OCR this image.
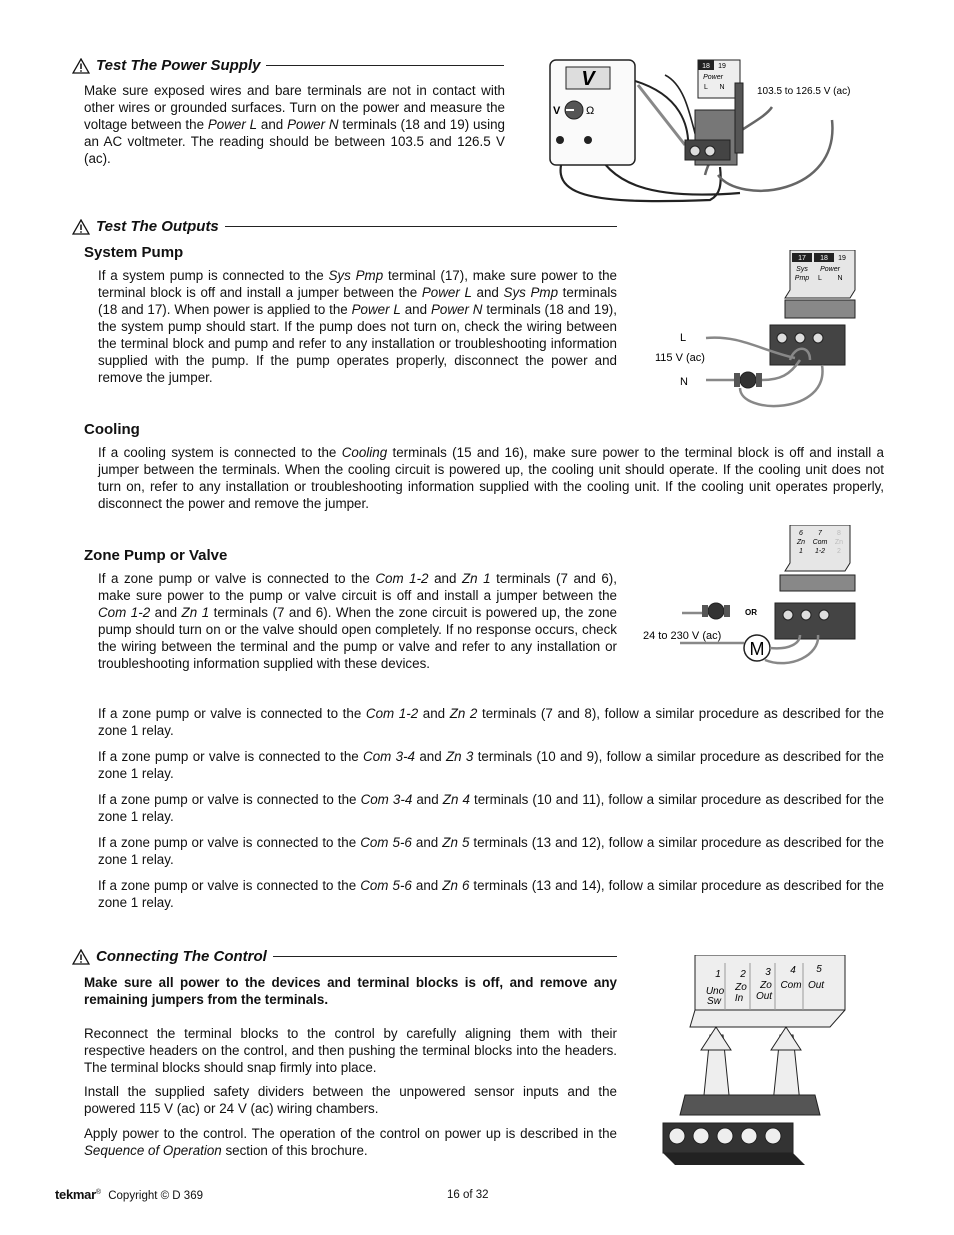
Test The Power Supply

Make sure exposed wires and bare terminals are not in contact with other wires or grounded surfaces. Turn on the power and measure the voltage between the Power L and Power N terminals (18 and 19) using an AC voltmeter. The reading should be between 103.5 and 126.5 V (ac).

V
V Ω
18 19
Power
L N	103.5 to 126.5 V (ac)
Test The Outputs
System Pump

If a system pump is connected to the Sys Pmp terminal (17), make sure power to the terminal block is off and install a jumper between the Power L and Sys Pmp terminals (18 and 17). When power is applied to the Power L and Power N terminals (18 and 19), the system pump should start. If the pump does not turn on, check the wiring between the terminal block and pump and refer to any installation or troubleshooting information supplied with the pump. If the pump operates properly, disconnect the power and remove the jumper.

17 18 19
Sys
Pmp
Power
L N
L
115 V (ac)
N
Cooling

If a cooling system is connected to the Cooling terminals (15 and 16), make sure power to the terminal block is off and install a jumper between the terminals. When the cooling circuit is powered up, the cooling unit should operate. If the cooling unit does not turn on, refer to any installation or troubleshooting information supplied with the cooling unit. If the cooling unit operates properly, disconnect the power and remove the jumper.

Zone Pump or Valve

If a zone pump or valve is connected to the Com 1-2 and Zn 1 terminals (7 and 6), make sure power to the pump or valve circuit is off and install a jumper between the Com 1-2 and Zn 1 terminals (7 and 6). When the zone circuit is powered up, the zone pump should turn on or the valve should open completely. If no response occurs, check the wiring between the terminal and the pump or valve and refer to any installation or troubleshooting information supplied with these devices.

6
Zn
1
7
Com
1-2
8
Zn
2
OR
M
24 to 230 V (ac)

If a zone pump or valve is connected to the Com 1-2 and Zn 2 terminals (7 and 8), follow a similar procedure as described for the zone 1 relay.

If a zone pump or valve is connected to the Com 3-4 and Zn 3 terminals (10 and 9), follow a similar procedure as described for the zone 1 relay.

If a zone pump or valve is connected to the Com 3-4 and Zn 4 terminals (10 and 11), follow a similar procedure as described for the zone 1 relay.

If a zone pump or valve is connected to the Com 5-6 and Zn 5 terminals (13 and 12), follow a similar procedure as described for the zone 1 relay.

If a zone pump or valve is connected to the Com 5-6 and Zn 6 terminals (13 and 14), follow a similar procedure as described for the zone 1 relay.

Connecting The Control

Make sure all power to the devices and terminal blocks is off, and remove any remaining jumpers from the terminals.

Reconnect the terminal blocks to the control by carefully aligning them with their respective headers on the control, and then pushing the terminal blocks into the headers. The terminal blocks should snap firmly into place.

Install the supplied safety dividers between the unpowered sensor inputs and the powered 115 V (ac) or 24 V (ac) wiring chambers.

Apply power to the control. The operation of the control on power up is described in the Sequence of Operation section of this brochure.

1
Uno
Sw
2
Zo
In
3
Zo
Out
4
Com
5
Out
tekmar® Copyright © D 369	16 of 32
